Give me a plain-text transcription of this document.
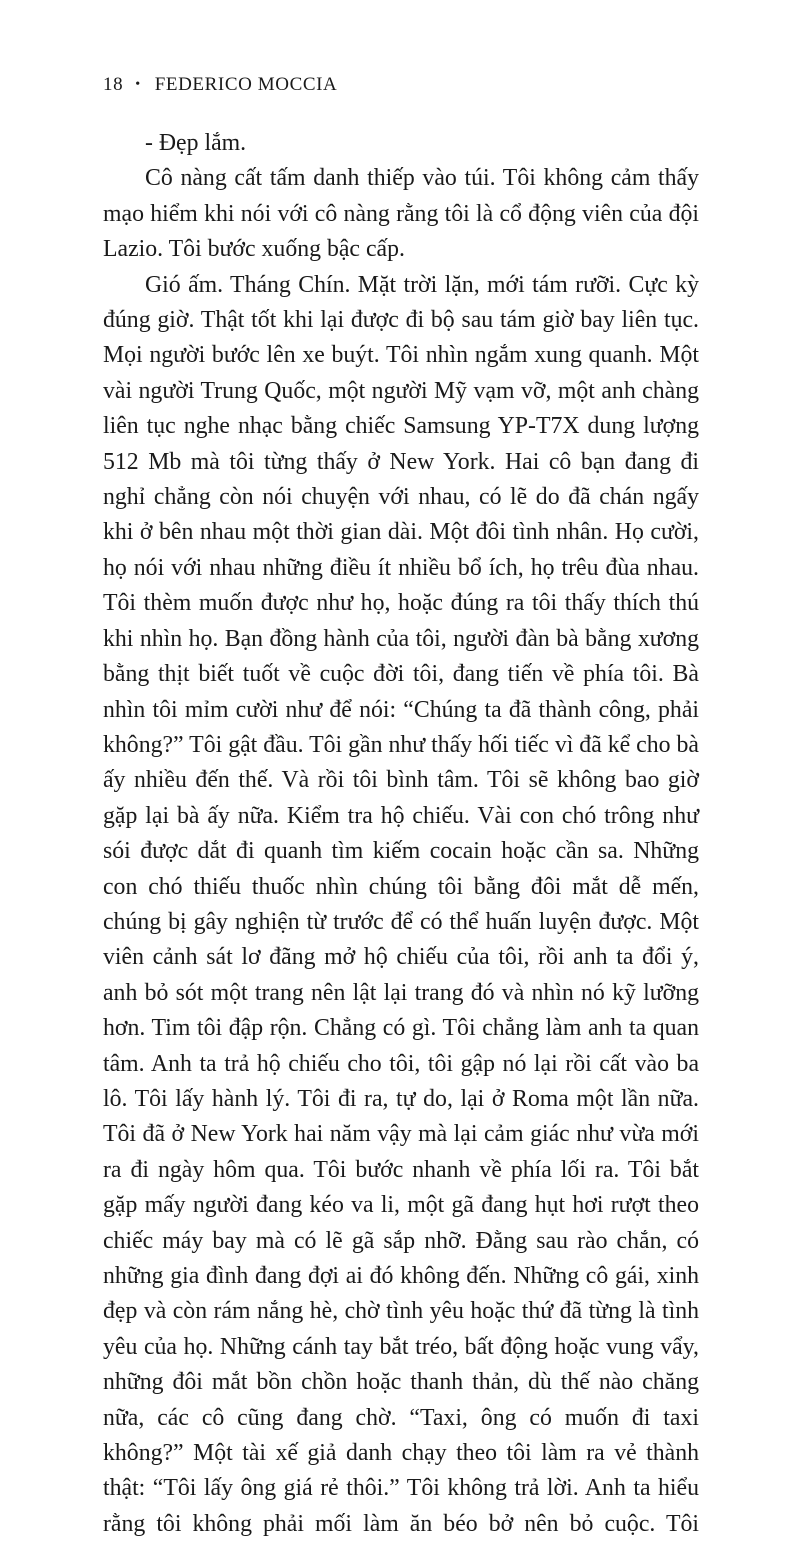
18 • FEDERICO MOCCIA

- Đẹp lắm.

Cô nàng cất tấm danh thiếp vào túi. Tôi không cảm thấy mạo hiểm khi nói với cô nàng rằng tôi là cổ động viên của đội Lazio. Tôi bước xuống bậc cấp.

Gió ấm. Tháng Chín. Mặt trời lặn, mới tám rưỡi. Cực kỳ đúng giờ. Thật tốt khi lại được đi bộ sau tám giờ bay liên tục. Mọi người bước lên xe buýt. Tôi nhìn ngắm xung quanh. Một vài người Trung Quốc, một người Mỹ vạm vỡ, một anh chàng liên tục nghe nhạc bằng chiếc Samsung YP-T7X dung lượng 512 Mb mà tôi từng thấy ở New York. Hai cô bạn đang đi nghỉ chẳng còn nói chuyện với nhau, có lẽ do đã chán ngấy khi ở bên nhau một thời gian dài. Một đôi tình nhân. Họ cười, họ nói với nhau những điều ít nhiều bổ ích, họ trêu đùa nhau. Tôi thèm muốn được như họ, hoặc đúng ra tôi thấy thích thú khi nhìn họ. Bạn đồng hành của tôi, người đàn bà bằng xương bằng thịt biết tuốt về cuộc đời tôi, đang tiến về phía tôi. Bà nhìn tôi mỉm cười như để nói: “Chúng ta đã thành công, phải không?” Tôi gật đầu. Tôi gần như thấy hối tiếc vì đã kể cho bà ấy nhiều đến thế. Và rồi tôi bình tâm. Tôi sẽ không bao giờ gặp lại bà ấy nữa. Kiểm tra hộ chiếu. Vài con chó trông như sói được dắt đi quanh tìm kiếm cocain hoặc cần sa. Những con chó thiếu thuốc nhìn chúng tôi bằng đôi mắt dễ mến, chúng bị gây nghiện từ trước để có thể huấn luyện được. Một viên cảnh sát lơ đãng mở hộ chiếu của tôi, rồi anh ta đổi ý, anh bỏ sót một trang nên lật lại trang đó và nhìn nó kỹ lưỡng hơn. Tim tôi đập rộn. Chẳng có gì. Tôi chẳng làm anh ta quan tâm. Anh ta trả hộ chiếu cho tôi, tôi gập nó lại rồi cất vào ba lô. Tôi lấy hành lý. Tôi đi ra, tự do, lại ở Roma một lần nữa. Tôi đã ở New York hai năm vậy mà lại cảm giác như vừa mới ra đi ngày hôm qua. Tôi bước nhanh về phía lối ra. Tôi bắt gặp mấy người đang kéo va li, một gã đang hụt hơi rượt theo chiếc máy bay mà có lẽ gã sắp nhỡ. Đằng sau rào chắn, có những gia đình đang đợi ai đó không đến. Những cô gái, xinh đẹp và còn rám nắng hè, chờ tình yêu hoặc thứ đã từng là tình yêu của họ. Những cánh tay bắt tréo, bất động hoặc vung vẩy, những đôi mắt bồn chồn hoặc thanh thản, dù thế nào chăng nữa, các cô cũng đang chờ. “Taxi, ông có muốn đi taxi không?” Một tài xế giả danh chạy theo tôi làm ra vẻ thành thật: “Tôi lấy ông giá rẻ thôi.” Tôi không trả lời. Anh ta hiểu rằng tôi không phải mối làm ăn béo bở nên bỏ cuộc. Tôi
